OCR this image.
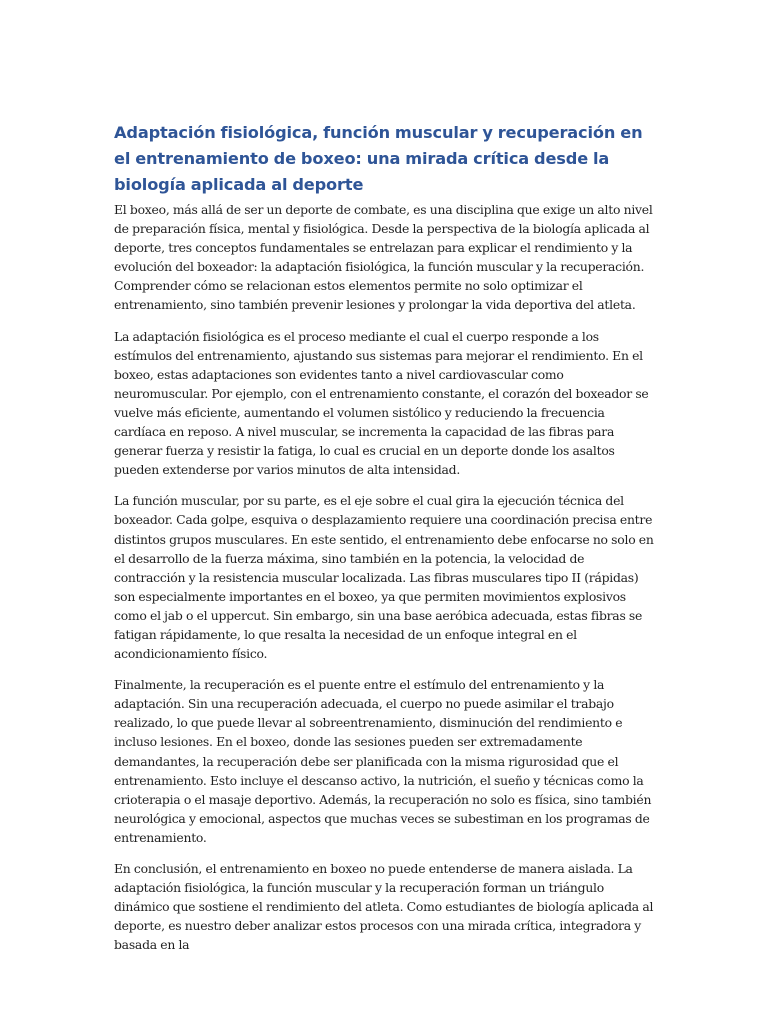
Adaptación fisiológica, función muscular y recuperación en el entrenamiento de boxeo: una mirada crítica desde la biología aplicada al deporte

El boxeo, más allá de ser un deporte de combate, es una disciplina que exige un alto nivel de preparación física, mental y fisiológica. Desde la perspectiva de la biología aplicada al deporte, tres conceptos fundamentales se entrelazan para explicar el rendimiento y la evolución del boxeador: la adaptación fisiológica, la función muscular y la recuperación. Comprender cómo se relacionan estos elementos permite no solo optimizar el entrenamiento, sino también prevenir lesiones y prolongar la vida deportiva del atleta.

La adaptación fisiológica es el proceso mediante el cual el cuerpo responde a los estímulos del entrenamiento, ajustando sus sistemas para mejorar el rendimiento. En el boxeo, estas adaptaciones son evidentes tanto a nivel cardiovascular como neuromuscular. Por ejemplo, con el entrenamiento constante, el corazón del boxeador se vuelve más eficiente, aumentando el volumen sistólico y reduciendo la frecuencia cardíaca en reposo. A nivel muscular, se incrementa la capacidad de las fibras para generar fuerza y resistir la fatiga, lo cual es crucial en un deporte donde los asaltos pueden extenderse por varios minutos de alta intensidad.

La función muscular, por su parte, es el eje sobre el cual gira la ejecución técnica del boxeador. Cada golpe, esquiva o desplazamiento requiere una coordinación precisa entre distintos grupos musculares. En este sentido, el entrenamiento debe enfocarse no solo en el desarrollo de la fuerza máxima, sino también en la potencia, la velocidad de contracción y la resistencia muscular localizada. Las fibras musculares tipo II (rápidas) son especialmente importantes en el boxeo, ya que permiten movimientos explosivos como el jab o el uppercut. Sin embargo, sin una base aeróbica adecuada, estas fibras se fatigan rápidamente, lo que resalta la necesidad de un enfoque integral en el acondicionamiento físico.

Finalmente, la recuperación es el puente entre el estímulo del entrenamiento y la adaptación. Sin una recuperación adecuada, el cuerpo no puede asimilar el trabajo realizado, lo que puede llevar al sobreentrenamiento, disminución del rendimiento e incluso lesiones. En el boxeo, donde las sesiones pueden ser extremadamente demandantes, la recuperación debe ser planificada con la misma rigurosidad que el entrenamiento. Esto incluye el descanso activo, la nutrición, el sueño y técnicas como la crioterapia o el masaje deportivo. Además, la recuperación no solo es física, sino también neurológica y emocional, aspectos que muchas veces se subestiman en los programas de entrenamiento.

En conclusión, el entrenamiento en boxeo no puede entenderse de manera aislada. La adaptación fisiológica, la función muscular y la recuperación forman un triángulo dinámico que sostiene el rendimiento del atleta. Como estudiantes de biología aplicada al deporte, es nuestro deber analizar estos procesos con una mirada crítica, integradora y basada en la
